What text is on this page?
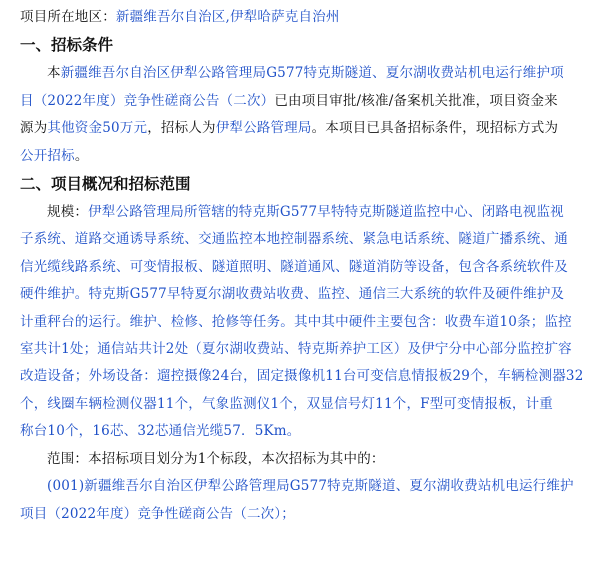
项目所在地区：新疆维吾尔自治区,伊犁哈萨克自治州
一、招标条件
本新疆维吾尔自治区伊犁公路管理局G577特克斯隧道、夏尔湖收费站机电运行维护项
目（2022年度）竞争性磋商公告（二次）已由项目审批/核准/备案机关批准，项目资金来
源为其他资金50万元，招标人为伊犁公路管理局。本项目已具备招标条件，现招标方式为
公开招标。
二、项目概况和招标范围
规模：伊犁公路管理局所管辖的特克斯G577早特特克斯隧道监控中心、闭路电视监视
子系统、道路交通诱导系统、交通监控本地控制器系统、紧急电话系统、隧道广播系统、通
信光缆线路系统、可变情报板、隧道照明、隧道通风、隧道消防等设备，包含各系统软件及
硬件维护。特克斯G577早特夏尔湖收费站收费、监控、通信三大系统的软件及硬件维护及
计重秤台的运行。维护、检修、抢修等任务。其中其中硬件主要包含：收费车道10条；监控
室共计1处；通信站共计2处（夏尔湖收费站、特克斯养护工区）及伊宁分中心部分监控扩容
改造设备；外场设备：遛控摄像24台，固定摄像机11台可变信息情报板29个，车辆检测器32
个，线圈车辆检测仪器11个，气象监测仪1个，双显信号灯11个，F型可变情报板，计重
称台10个，16芯、32芯通信光缆57．5Km。
范围：本招标项目划分为1个标段，本次招标为其中的：
(001)新疆维吾尔自治区伊犁公路管理局G577特克斯隧道、夏尔湖收费站机电运行维护
项目（2022年度）竞争性磋商公告（二次）；
